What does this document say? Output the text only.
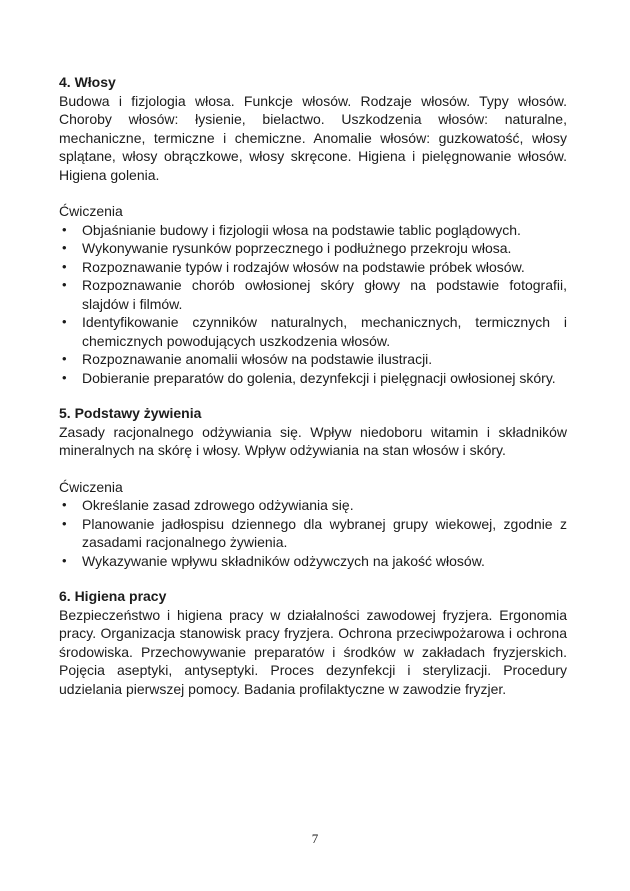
4. Włosy

Budowa i fizjologia włosa. Funkcje włosów. Rodzaje włosów. Typy włosów. Choroby włosów: łysienie, bielactwo. Uszkodzenia włosów: naturalne, mechaniczne, termiczne i chemiczne. Anomalie włosów: guzkowatość, włosy splątane, włosy obrączkowe, włosy skręcone. Higiena i pielęgnowanie włosów. Higiena golenia.

Ćwiczenia

• Objaśnianie budowy i fizjologii włosa na podstawie tablic poglądowych.
• Wykonywanie rysunków poprzecznego i podłużnego przekroju włosa.
• Rozpoznawanie typów i rodzajów włosów na podstawie próbek włosów.
• Rozpoznawanie chorób owłosionej skóry głowy na podstawie fotografii, slajdów i filmów.
• Identyfikowanie czynników naturalnych, mechanicznych, termicznych i chemicznych powodujących uszkodzenia włosów.
• Rozpoznawanie anomalii włosów na podstawie ilustracji.
• Dobieranie preparatów do golenia, dezynfekcji i pielęgnacji owłosionej skóry.

5. Podstawy żywienia

Zasady racjonalnego odżywiania się. Wpływ niedoboru witamin i składników mineralnych na skórę i włosy. Wpływ odżywiania na stan włosów i skóry.

Ćwiczenia

• Określanie zasad zdrowego odżywiania się.
• Planowanie jadłospisu dziennego dla wybranej grupy wiekowej, zgodnie z zasadami racjonalnego żywienia.
• Wykazywanie wpływu składników odżywczych na jakość włosów.

6. Higiena pracy

Bezpieczeństwo i higiena pracy w działalności zawodowej fryzjera. Ergonomia pracy. Organizacja stanowisk pracy fryzjera. Ochrona przeciwpożarowa i ochrona środowiska. Przechowywanie preparatów i środków w zakładach fryzjerskich. Pojęcia aseptyki, antyseptyki. Proces dezynfekcji i sterylizacji. Procedury udzielania pierwszej pomocy. Badania profilaktyczne w zawodzie fryzjer.

7
